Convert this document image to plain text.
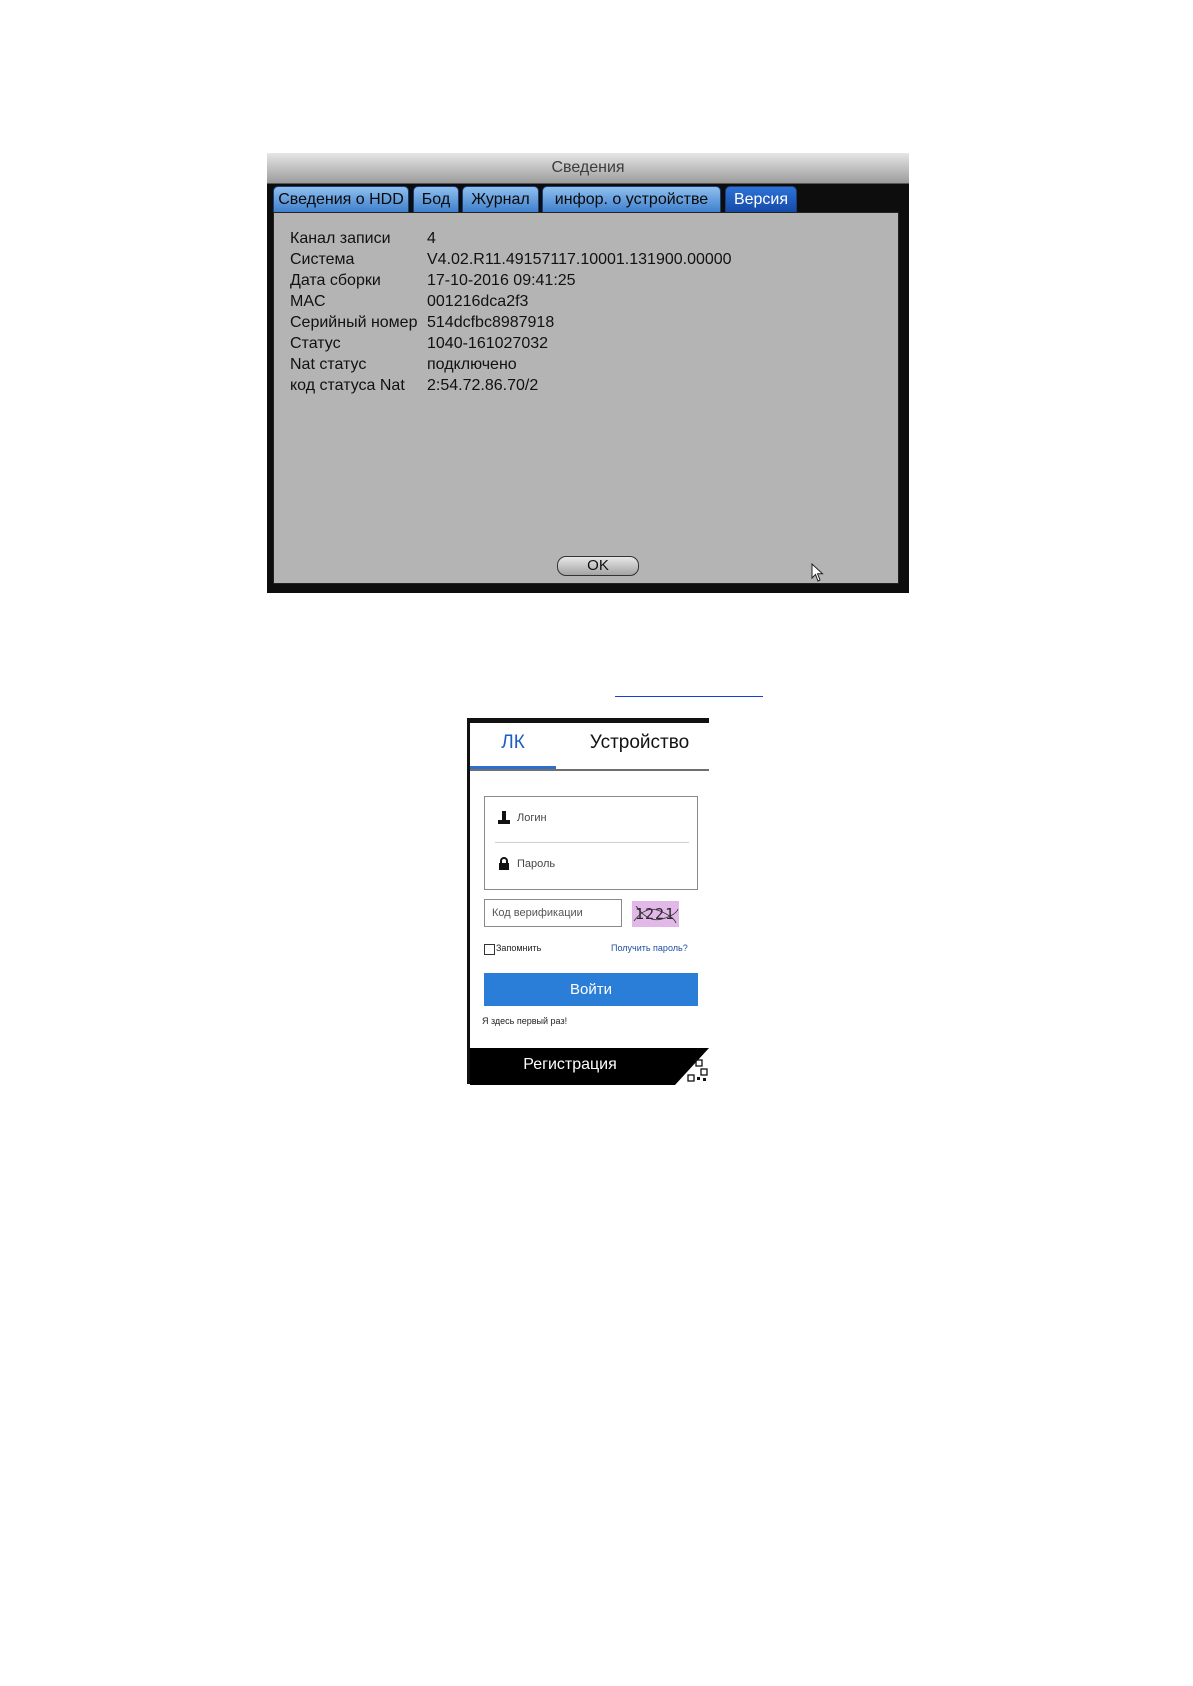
Сведения
Сведения о HDD	Бод	Журнал	инфор. о устройстве	Версия
Канал записи	4
Система	V4.02.R11.49157117.10001.131900.00000
Дата сборки	17-10-2016 09:41:25
MAC	001216dca2f3
Серийный номер 514dcfbc8987918
Статус	1040-161027032
Nat статус	подключено
код статуса Nat	2:54.72.86.70/2
OK
ЛК	Устройство
Логин
Пароль
Код верификации	1221
Запомнить	Получить пароль?
Войти
Я здесь первый раз!
Регистрация
